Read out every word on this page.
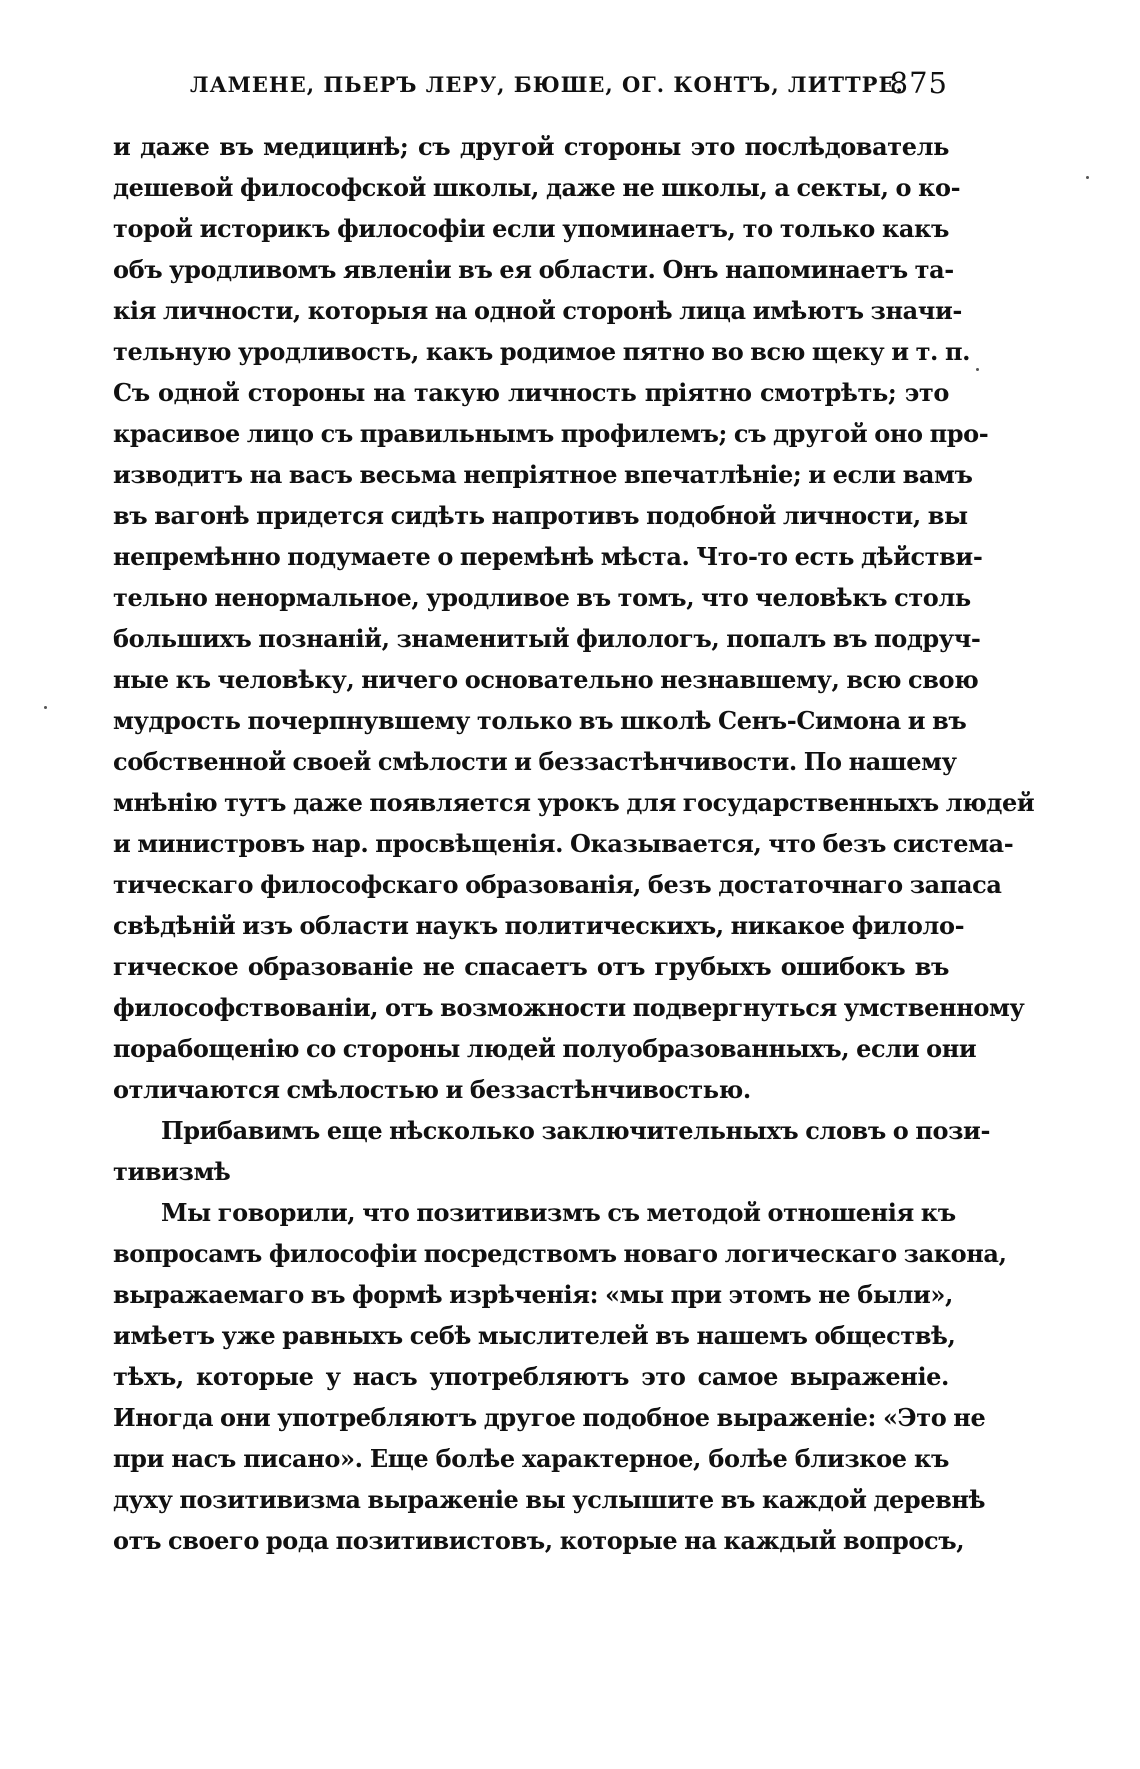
ЛАМЕНЕ, ПЬЕРЪ ЛЕРУ, БЮШЕ, ОГ. КОНТЪ, ЛИТТРЕ.
875
и даже въ медицинѣ; съ другой стороны это послѣдователь
дешевой философской школы, даже не школы, а секты, о ко-
торой историкъ философіи если упоминаетъ, то только какъ
объ уродливомъ явленіи въ ея области. Онъ напоминаетъ та-
кія личности, которыя на одной сторонѣ лица имѣютъ значи-
тельную уродливость, какъ родимое пятно во всю щеку и т. п.
Съ одной стороны на такую личность пріятно смотрѣть; это
красивое лицо съ правильнымъ профилемъ; съ другой оно про-
изводитъ на васъ весьма непріятное впечатлѣніе; и если вамъ
въ вагонѣ придется сидѣть напротивъ подобной личности, вы
непремѣнно подумаете о перемѣнѣ мѣста. Что-то есть дѣйстви-
тельно ненормальное, уродливое въ томъ, что человѣкъ столь
большихъ познаній, знаменитый филологъ, попалъ въ подруч-
ные къ человѣку, ничего основательно незнавшему, всю свою
мудрость почерпнувшему только въ школѣ Сенъ-Симона и въ
собственной своей смѣлости и беззастѣнчивости. По нашему
мнѣнію тутъ даже появляется урокъ для государственныхъ людей
и министровъ нар. просвѣщенія. Оказывается, что безъ система-
тическаго философскаго образованія, безъ достаточнаго запаса
свѣдѣній изъ области наукъ политическихъ, никакое филоло-
гическое образованіе не спасаетъ отъ грубыхъ ошибокъ въ
философствованіи, отъ возможности подвергнуться умственному
порабощенію со стороны людей полуобразованныхъ, если они
отличаются смѣлостью и беззастѣнчивостью.
Прибавимъ еще нѣсколько заключительныхъ словъ о пози-
тивизмѣ
Мы говорили, что позитивизмъ съ методой отношенія къ
вопросамъ философіи посредствомъ новаго логическаго закона,
выражаемаго въ формѣ изрѣченія: «мы при этомъ не были»,
имѣетъ уже равныхъ себѣ мыслителей въ нашемъ обществѣ,
тѣхъ, которые у насъ употребляютъ это самое выраженіе.
Иногда они употребляютъ другое подобное выраженіе: «Это не
при насъ писано». Еще болѣе характерное, болѣе близкое къ
духу позитивизма выраженіе вы услышите въ каждой деревнѣ
отъ своего рода позитивистовъ, которые на каждый вопросъ,
